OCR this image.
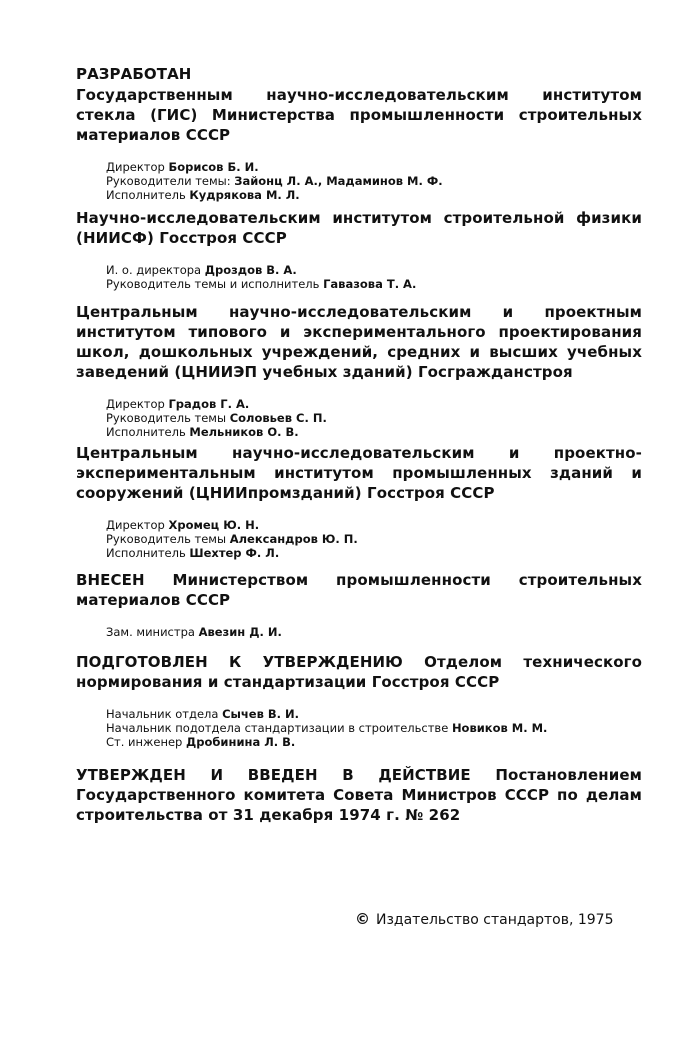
РАЗРАБОТАН
Государственным научно-исследовательским институтом стекла (ГИС) Министерства промышленности строительных материалов СССР
Директор Борисов Б. И.
Руководители темы: Зайонц Л. А., Мадаминов М. Ф.
Исполнитель Кудрякова М. Л.
Научно-исследовательским институтом строительной физики (НИИСФ) Госстроя СССР
И. о. директора Дроздов В. А.
Руководитель темы и исполнитель Гавазова Т. А.
Центральным научно-исследовательским и проектным институтом типового и экспериментального проектирования школ, дошкольных учреждений, средних и высших учебных заведений (ЦНИИЭП учебных зданий) Госгражданстроя
Директор Градов Г. А.
Руководитель темы Соловьев С. П.
Исполнитель Мельников О. В.
Центральным научно-исследовательским и проектно-экспериментальным институтом промышленных зданий и сооружений (ЦНИИпромзданий) Госстроя СССР
Директор Хромец Ю. Н.
Руководитель темы Александров Ю. П.
Исполнитель Шехтер Ф. Л.
ВНЕСЕН Министерством промышленности строительных материалов СССР
Зам. министра Авезин Д. И.
ПОДГОТОВЛЕН К УТВЕРЖДЕНИЮ Отделом технического нормирования и стандартизации Госстроя СССР
Начальник отдела Сычев В. И.
Начальник подотдела стандартизации в строительстве Новиков М. М.
Ст. инженер Дробинина Л. В.
УТВЕРЖДЕН И ВВЕДЕН В ДЕЙСТВИЕ Постановлением Государственного комитета Совета Министров СССР по делам строительства от 31 декабря 1974 г. № 262
© Издательство стандартов, 1975
